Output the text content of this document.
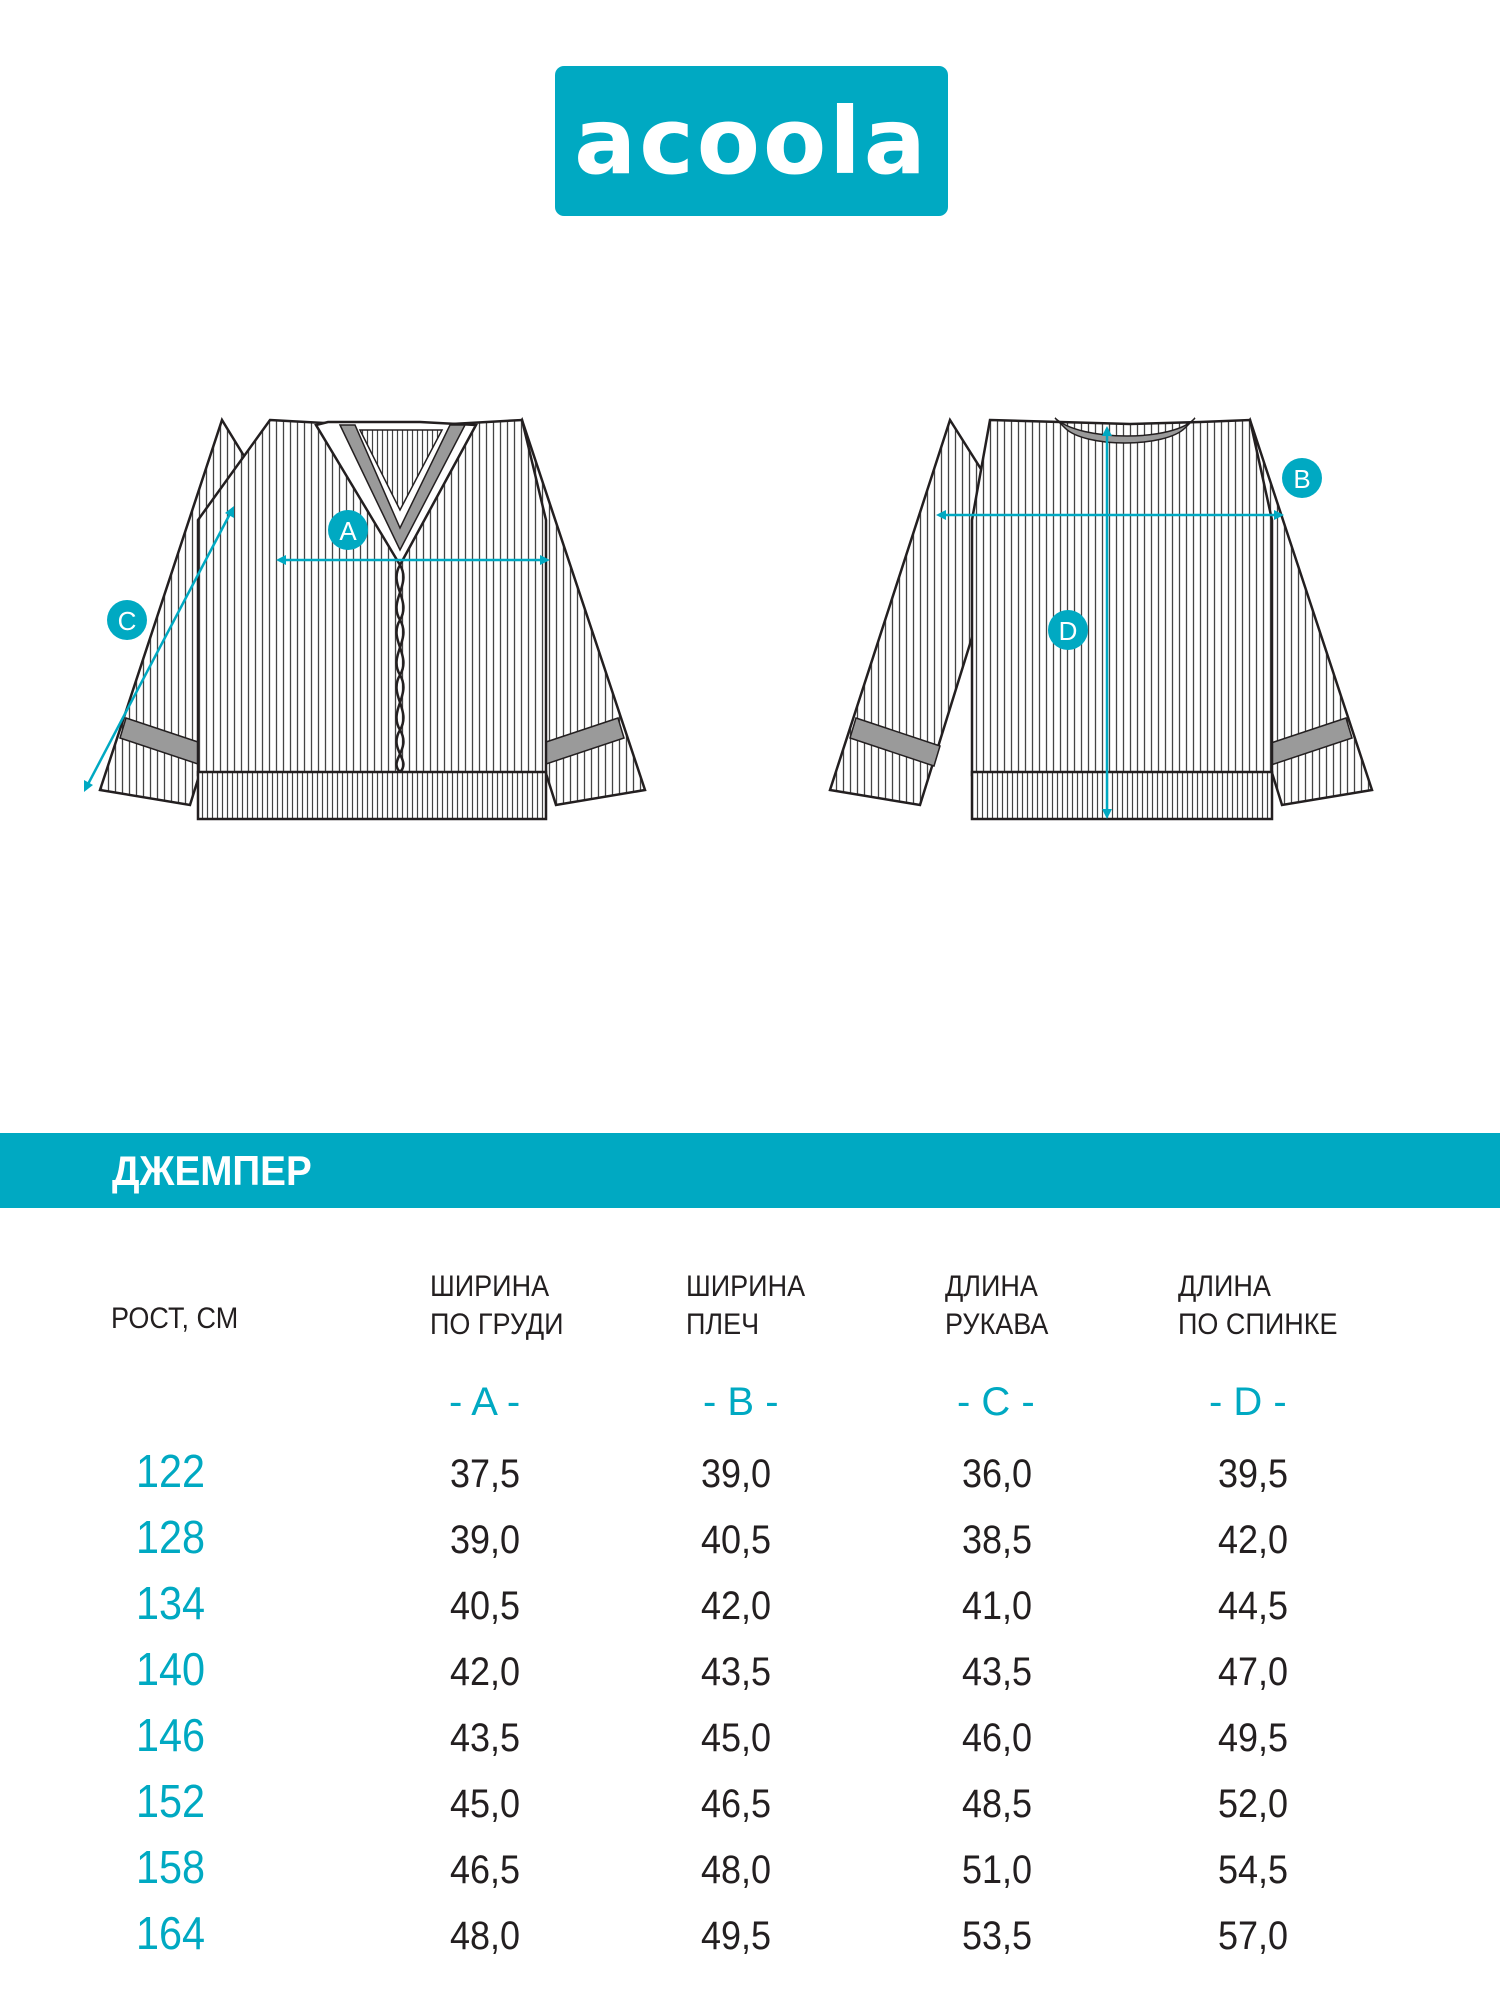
acoola
A
C
B
D
ДЖЕМПЕР
РОСТ, СМ
ШИРИНА
ПО ГРУДИ
ШИРИНА
ПЛЕЧ
ДЛИНА
РУКАВА
ДЛИНА
ПО СПИНКЕ
- A -	- B -	- C -	- D -
122	37,5	39,0	36,0	39,5
128	39,0	40,5	38,5	42,0
134	40,5	42,0	41,0	44,5
140	42,0	43,5	43,5	47,0
146	43,5	45,0	46,0	49,5
152	45,0	46,5	48,5	52,0
158	46,5	48,0	51,0	54,5
164	48,0	49,5	53,5	57,0
